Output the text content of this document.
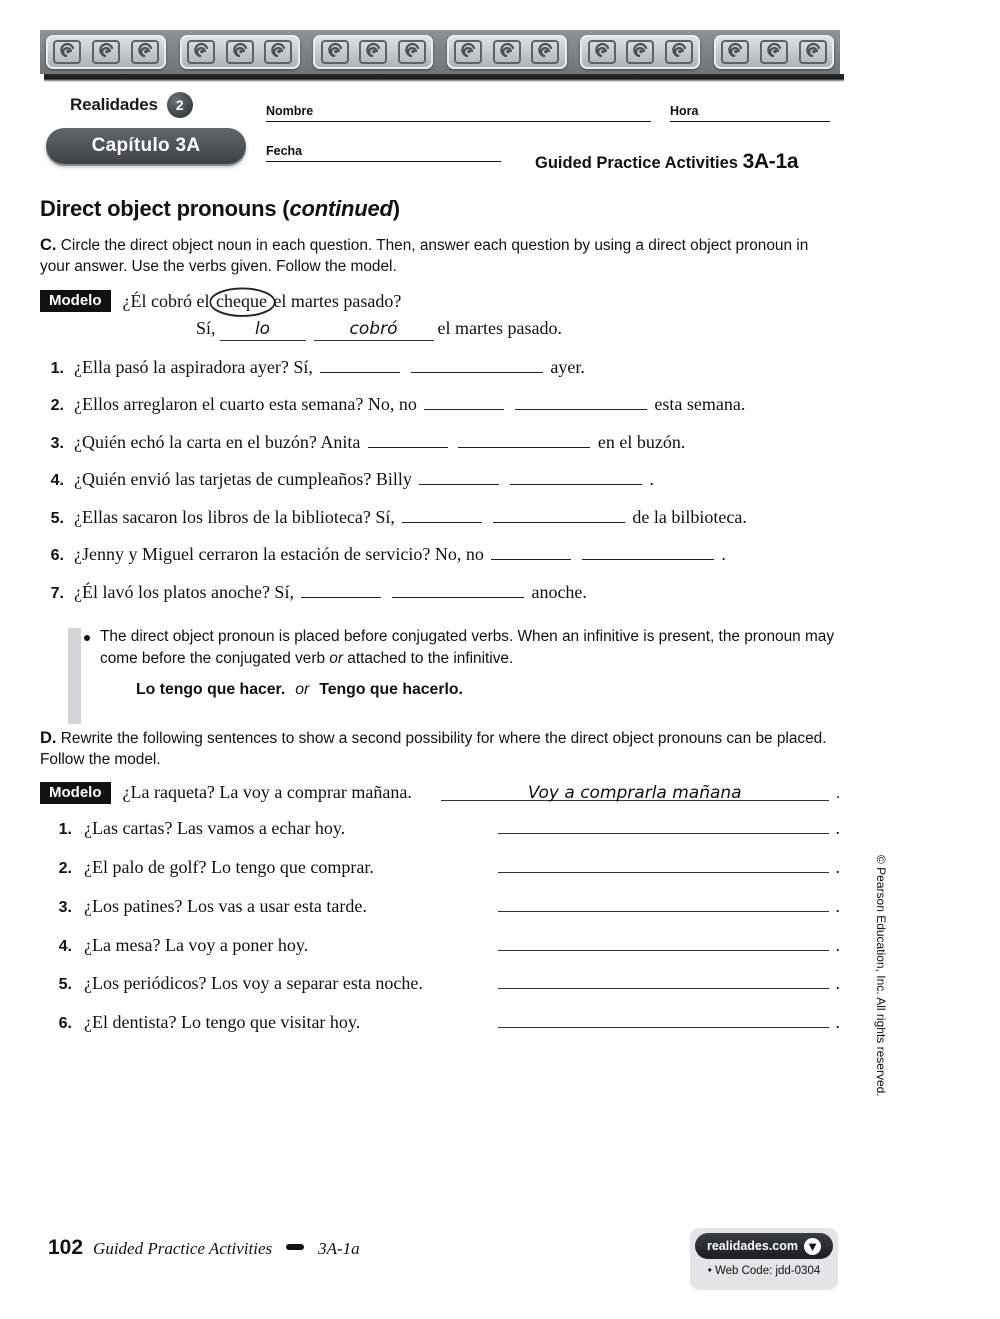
Realidades	2
Capítulo 3A
Nombre	Hora
Fecha
Guided Practice Activities 3A-1a
Direct object pronouns (continued)

C. Circle the direct object noun in each question. Then, answer each question by using a direct object pronoun in your answer. Use the verbs given. Follow the model.

Modelo	¿Él cobró el
cheque el martes pasado?
Sí,	lo	cobró	el martes pasado.
1. ¿Ella pasó la aspiradora ayer? Sí,	ayer.
2. ¿Ellos arreglaron el cuarto esta semana? No, no	esta semana.
3. ¿Quién echó la carta en el buzón? Anita	en el buzón.
4. ¿Quién envió las tarjetas de cumpleaños? Billy	.
5. ¿Ellas sacaron los libros de la biblioteca? Sí,	de la bilbioteca.
6. ¿Jenny y Miguel cerraron la estación de servicio? No, no	.
7. ¿Él lavó los platos anoche? Sí,	anoche.

The direct object pronoun is placed before conjugated verbs. When an infinitive is present, the pronoun may come before the conjugated verb or attached to the infinitive.

Lo tengo que hacer. or Tengo que hacerlo.

D. Rewrite the following sentences to show a second possibility for where the direct object pronouns can be placed. Follow the model.

Modelo	¿La raqueta? La voy a comprar mañana.	Voy a comprarla mañana	.
1. ¿Las cartas? Las vamos a echar hoy.	.
2. ¿El palo de golf? Lo tengo que comprar.	.
3. ¿Los patines? Los vas a usar esta tarde.	.
4. ¿La mesa? La voy a poner hoy.	.
5. ¿Los periódicos? Los voy a separar esta noche.	.
6. ¿El dentista? Lo tengo que visitar hoy.	.	© Pearson Education, Inc. All rights reserved.
102 Guided Practice Activities	3A-1a	realidades.com ▼
• Web Code: jdd-0304
